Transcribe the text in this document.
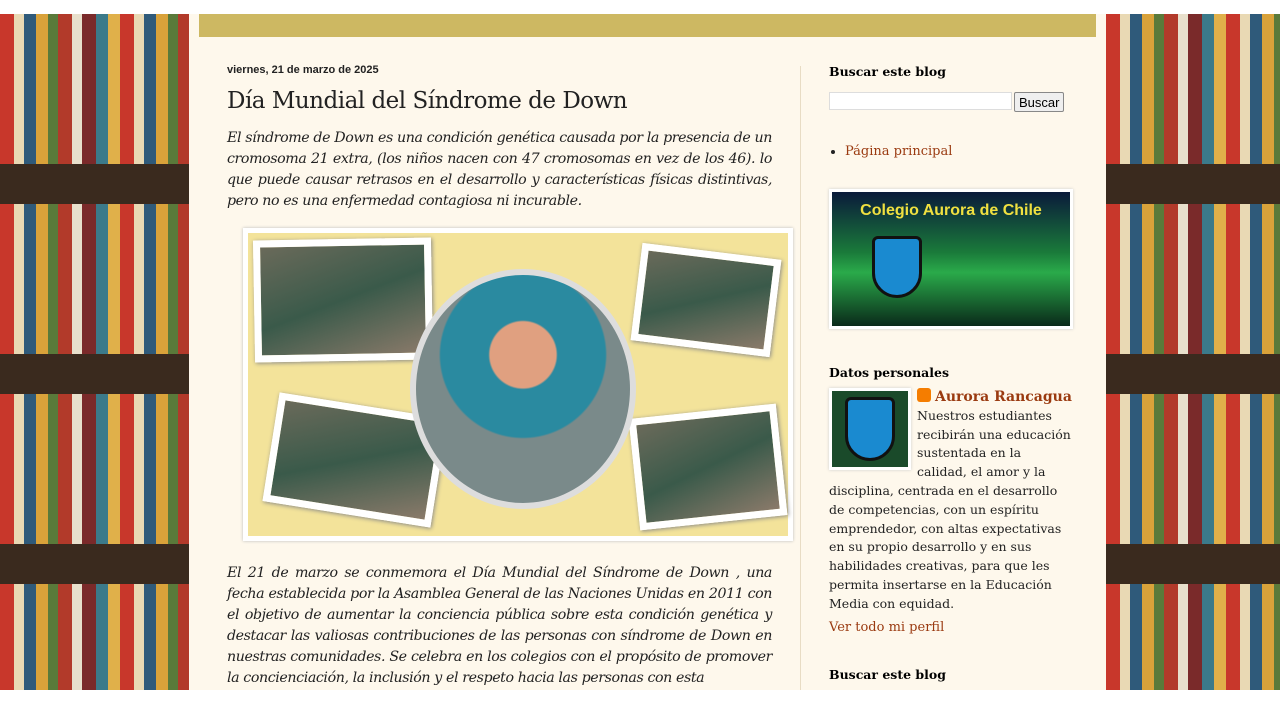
viernes, 21 de marzo de 2025
Día Mundial del Síndrome de Down

El síndrome de Down es una condición genética causada por la presencia de un cromosoma 21 extra, (los niños nacen con 47 cromosomas en vez de los 46). lo que puede causar retrasos en el desarrollo y características físicas distintivas, pero no es una enfermedad contagiosa ni incurable.

El 21 de marzo se conmemora el Día Mundial del Síndrome de Down , una fecha establecida por la Asamblea General de las Naciones Unidas en 2011 con el objetivo de aumentar la conciencia pública sobre esta condición genética y destacar las valiosas contribuciones de las personas con síndrome de Down en nuestras comunidades. Se celebra en los colegios con el propósito de promover la concienciación, la inclusión y el respeto hacia las personas con esta

Buscar este blog
Buscar
• Página principal
Colegio Aurora de Chile
Datos personales
Aurora Rancagua
Nuestros estudiantes recibirán una educación sustentada en la calidad, el amor y la disciplina, centrada en el desarrollo de competencias, con un espíritu emprendedor, con altas expectativas en su propio desarrollo y en sus habilidades creativas, para que les permita insertarse en la Educación Media con equidad.
Ver todo mi perfil
Buscar este blog
